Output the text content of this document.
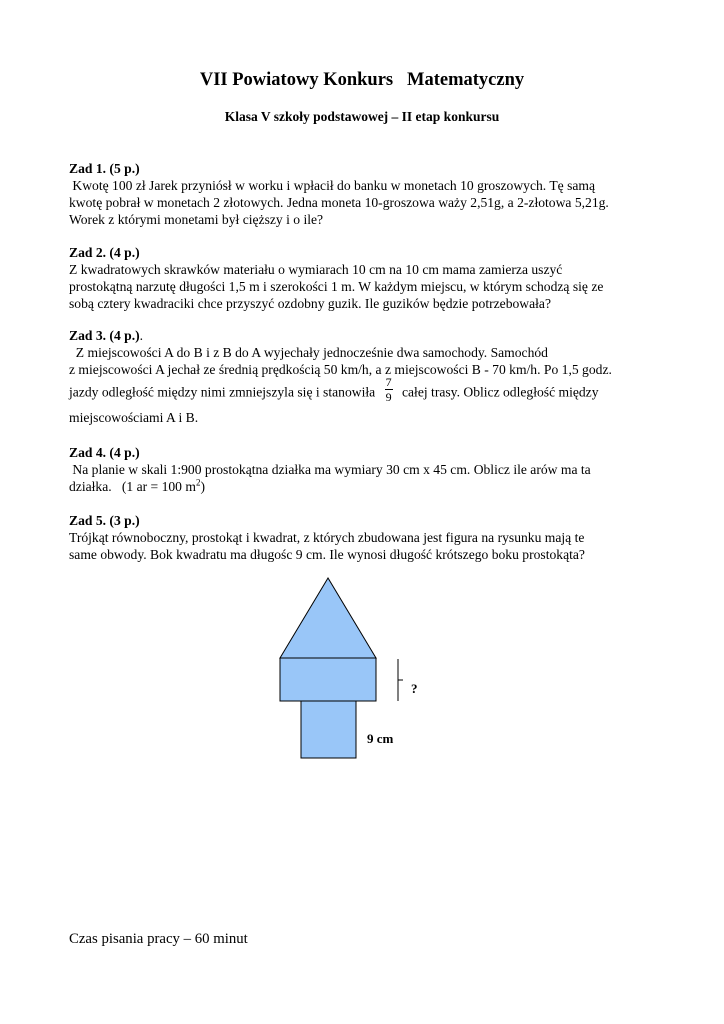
VII Powiatowy Konkurs   Matematyczny
Klasa V szkoły podstawowej – II etap konkursu
Zad 1. (5 p.)
Kwotę 100 zł Jarek przyniósł w worku i wpłacił do banku w monetach 10 groszowych. Tę samą
kwotę pobrał w monetach 2 złotowych. Jedna moneta 10-groszowa waży 2,51g, a 2-złotowa 5,21g.
Worek z którymi monetami był cięższy i o ile?
Zad 2. (4 p.)
Z kwadratowych skrawków materiału o wymiarach 10 cm na 10 cm mama zamierza uszyć
prostokątną narzutę długości 1,5 m i szerokości 1 m. W każdym miejscu, w którym schodzą się ze
sobą cztery kwadraciki chce przyszyć ozdobny guzik. Ile guzików będzie potrzebowała?
Zad 3. (4 p.).
Z miejscowości A do B i z B do A wyjechały jednocześnie dwa samochody. Samochód
z miejscowości A jechał ze średnią prędkością 50 km/h, a z miejscowości B - 70 km/h. Po 1,5 godz.
jazdy odległość między nimi zmniejszyla się i stanowiła $\frac{7}{9}$ całej trasy. Oblicz odległość między
miejscowościami A i B.
Zad 4. (4 p.)
Na planie w skali 1:900 prostokątna działka ma wymiary 30 cm x 45 cm. Oblicz ile arów ma ta
działka.   (1 ar = 100 $m^2$)
Zad 5. (3 p.)
Trójkąt równoboczny, prostokąt i kwadrat, z których zbudowana jest figura na rysunku mają te
same obwody. Bok kwadratu ma długośc 9 cm. Ile wynosi długość krótszego boku prostokąta?
?
9 cm
Czas pisania pracy – 60 minut
